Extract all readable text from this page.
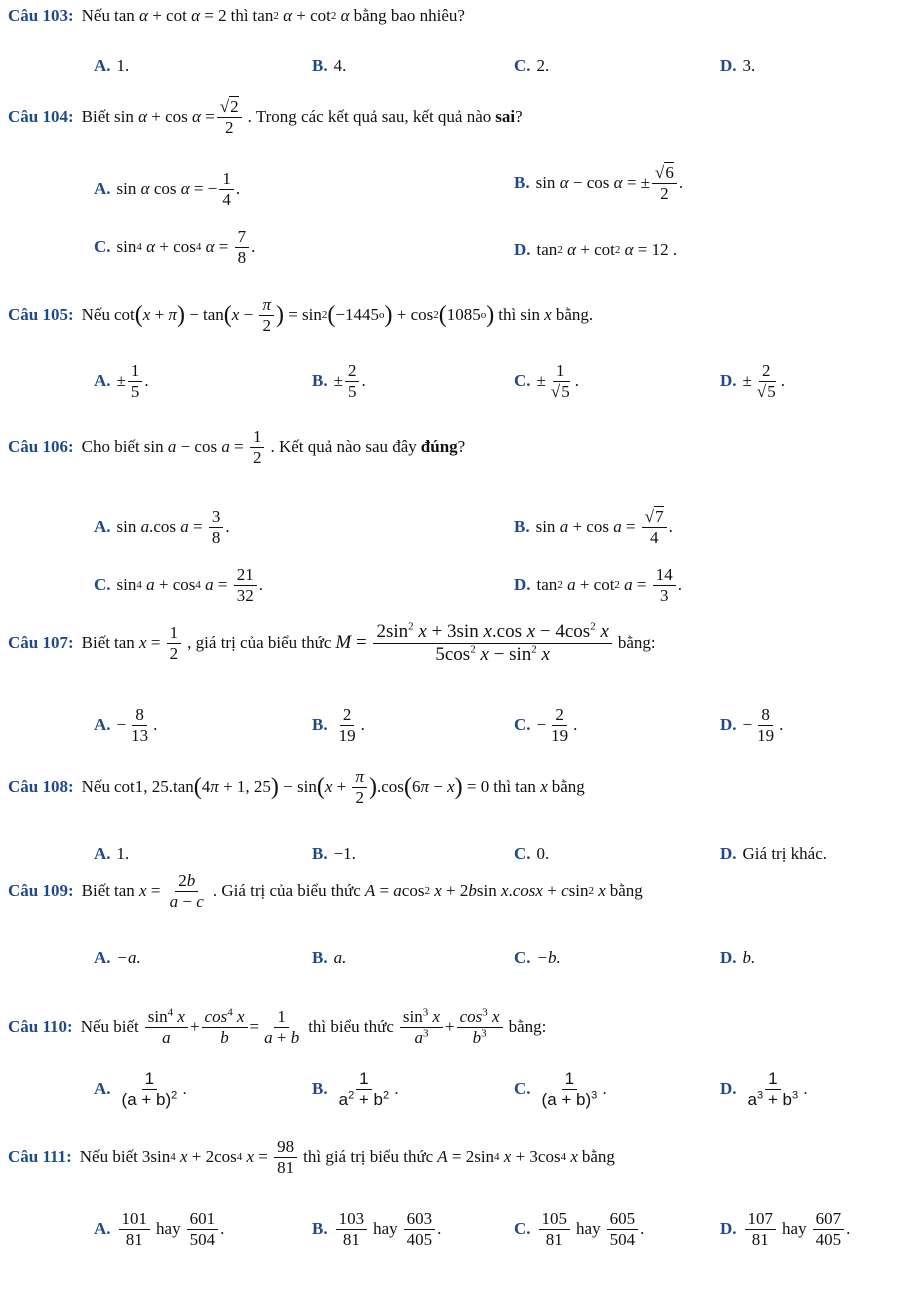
Câu 103: Nếu tan α + cot α = 2 thì tan 2 α + cot 2 α bằng bao nhiêu?
A. 1.	B. 4.	C. 2.	D. 3.
Câu 104: Biết $\sin \alpha + \cos \alpha = \frac{√2}{2}$ . Trong các kết quả sau, kết quả nào sai ?
A. sin α cos α = − $\frac{1}{4}$ .	B. sin α − cos α = ± $\frac{√6}{2}$ .
C. sin 4 α + cos 4 $\alpha = \frac{7}{8}$ .	D. tan 2 α + cot 2 α = 12 .
Câu 105: Nếu cot ( x + π ) − tan ( $x - \frac{\pi}{2}$ ) = sin 2 ( −1445 o ) + cos 2 ( 1085 o ) thì sin x bằng.
A. ± $\frac{1}{5}$ .	B. ± $\frac{2}{5}$ .	C. ± $\frac{1}{√5}$ .	D. ± $\frac{2}{√5}$ .
Câu 106: Cho biết $\sin a - \cos a = \frac{1}{2}$ . Kết quả nào sau đây đúng ?
A. sin a .cos $a = \frac{3}{8}$ .	B. $\sin a + \cos a = \frac{√7}{4}$ .
C. sin 4 a + cos 4 $a = \frac{21}{32}$ .	D. tan 2 a + cot 2 $a = \frac{14}{3}$ .
Câu 107: Biết $\tan x = \frac{1}{2}$ , giá trị của biểu thức $M = \frac{2\sin^2 x + 3\sin x.\cos x - 4\cos^2 x}{5\cos^2 x - \sin^2 x}$ bằng:
A. − $\frac{8}{13}$ .	B. $\frac{2}{19}$ .	C. − $\frac{2}{19}$ .	D. − $\frac{8}{19}$ .
Câu 108: Nếu cot1, 25.tan ( 4 π + 1, 25 ) − sin ( $x + \frac{\pi}{2}$ ) .cos ( 6 π − x ) = 0 thì tan x bằng
A. 1.	B. −1.	C. 0.	D. Giá trị khác.
Câu 109: Biết $\tan x = \frac{2b}{a - c}$ . Giá trị của biểu thức A = a cos 2 x + 2 b sin x . cosx + c sin 2 x bằng
A. −a.	B. a.	C. −b.	D. b.
Câu 110: Nếu biết $\frac{\sin^4 x}{a} + \frac{\cos^4 x}{b} = \frac{1}{a + b}$ thì biểu thức $\frac{\sin^3 x}{a^3} + \frac{\cos^3 x}{b^3}$ bằng:
A. $\frac{1}{(a + b)^2}$ .	B. $\frac{1}{a^2 + b^2}$ .	C. $\frac{1}{(a + b)^3}$ .	D. $\frac{1}{a^3 + b^3}$ .
Câu 111: Nếu biết 3sin 4 x + 2cos 4 $x = \frac{98}{81}$ thì giá trị biểu thức A = 2sin 4 x + 3cos 4 x bằng
A. $\frac{101}{81}$ hay $\frac{601}{504}$ .	B. $\frac{103}{81}$ hay $\frac{603}{405}$ .	C. $\frac{105}{81}$ hay $\frac{605}{504}$ .	D. $\frac{107}{81}$ hay $\frac{607}{405}$ .
